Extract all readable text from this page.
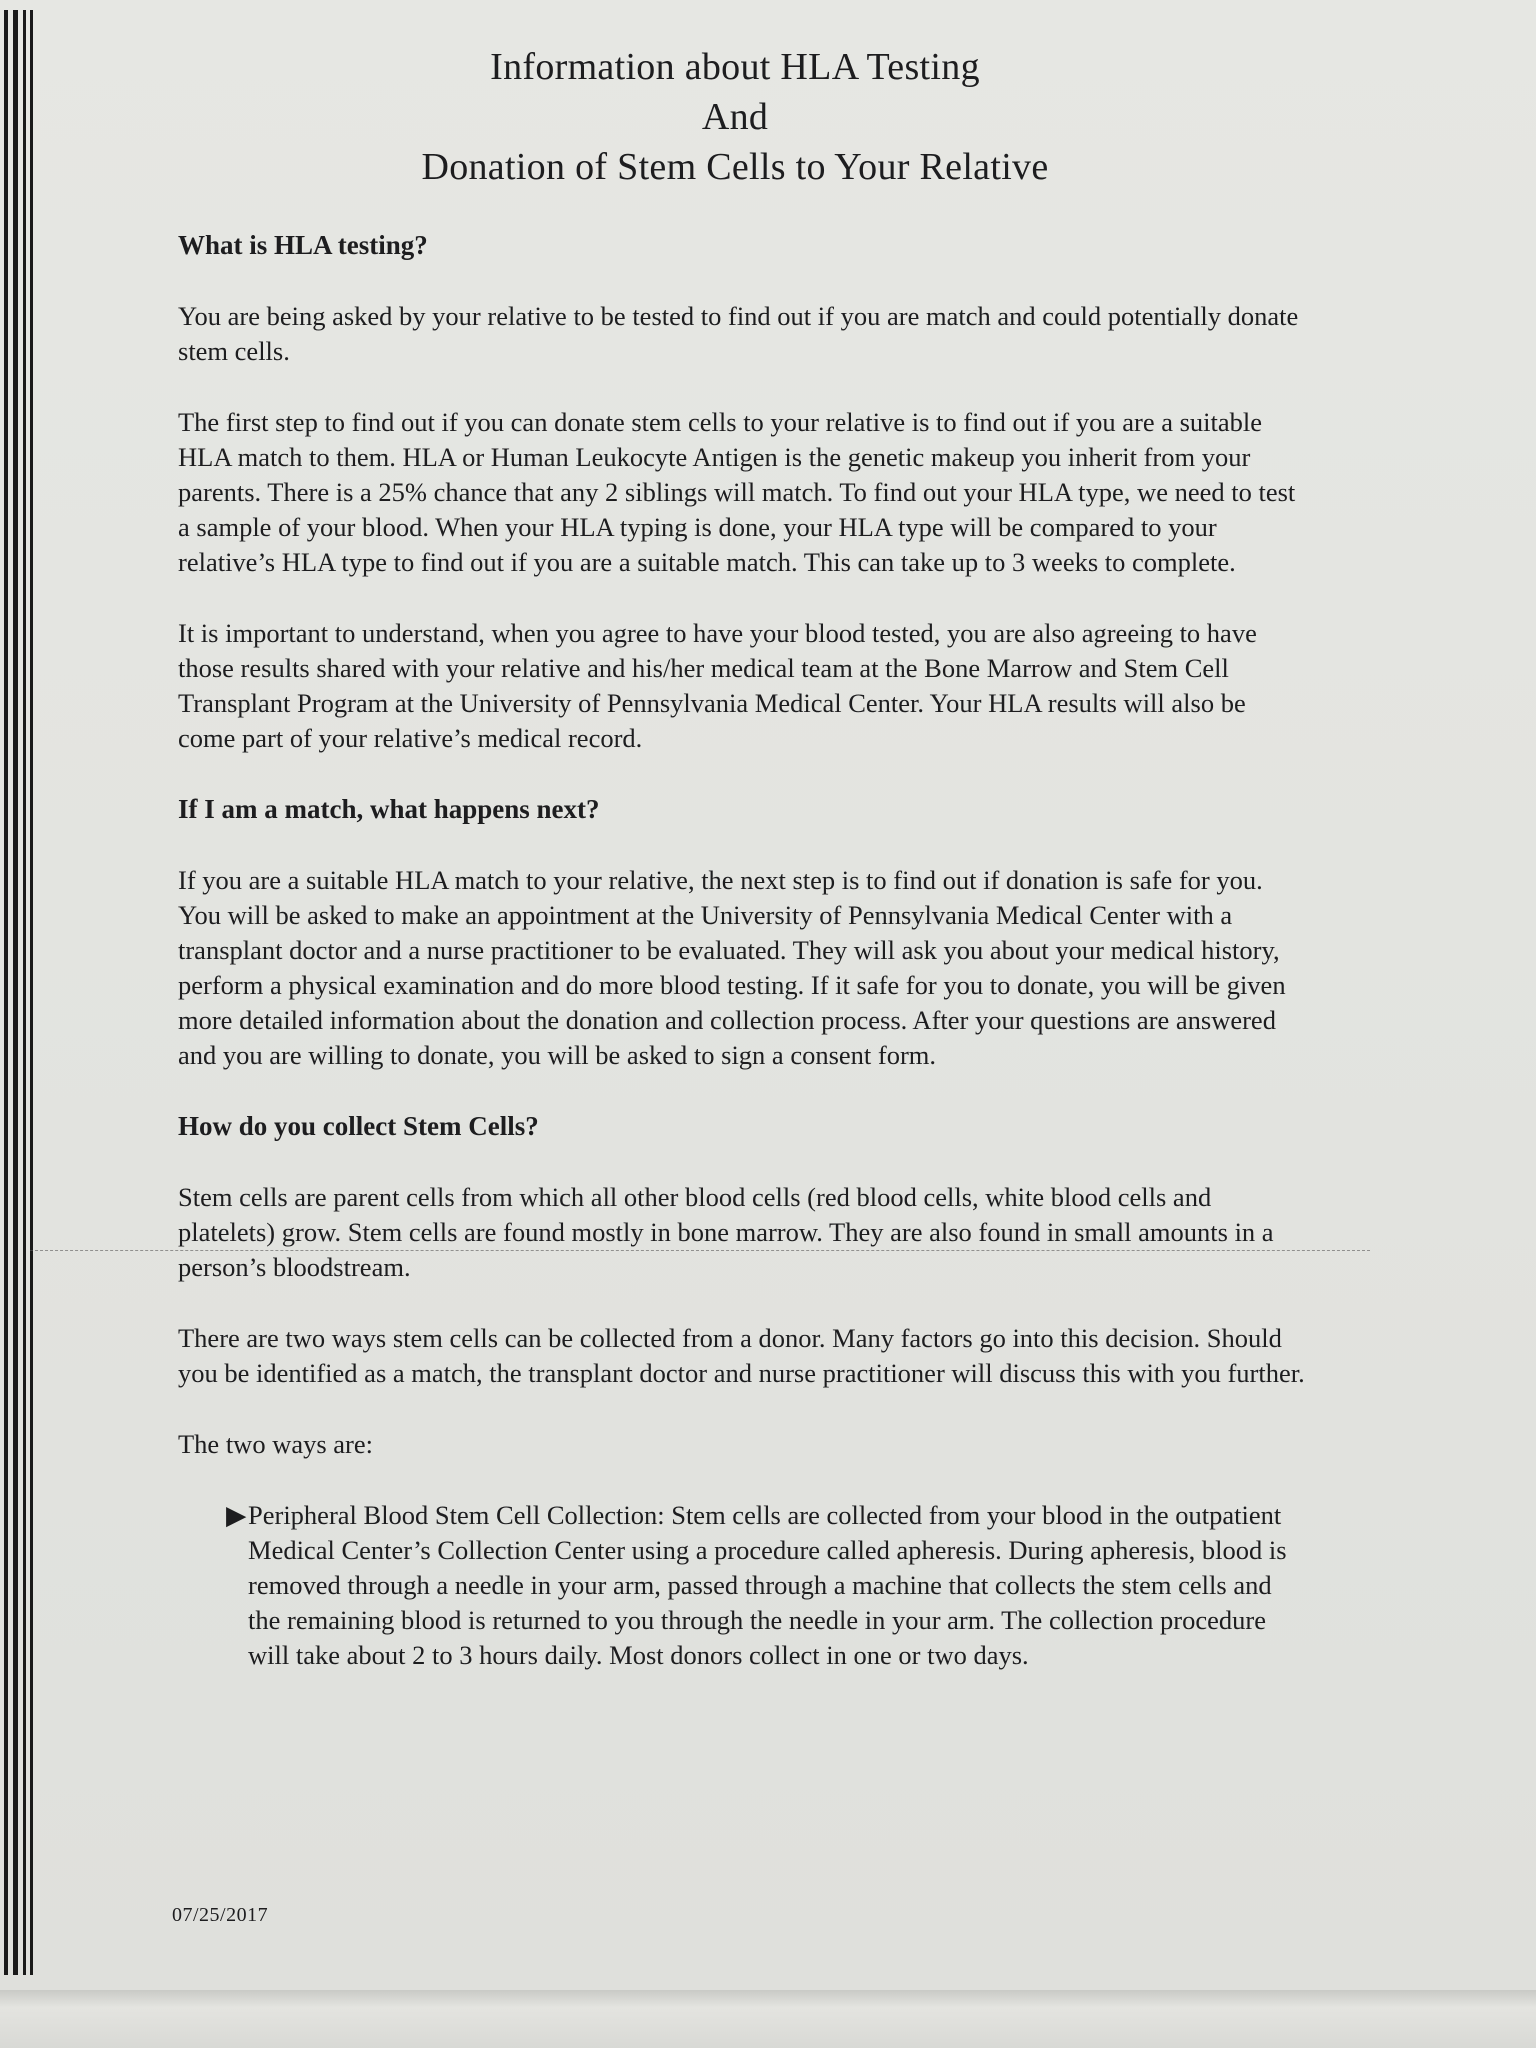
Information about HLA Testing
And
Donation of Stem Cells to Your Relative
What is HLA testing?

You are being asked by your relative to be tested to find out if you are match and could potentially donate stem cells.

The first step to find out if you can donate stem cells to your relative is to find out if you are a suitable HLA match to them. HLA or Human Leukocyte Antigen is the genetic makeup you inherit from your parents. There is a 25% chance that any 2 siblings will match. To find out your HLA type, we need to test a sample of your blood. When your HLA typing is done, your HLA type will be compared to your relative’s HLA type to find out if you are a suitable match. This can take up to 3 weeks to complete.

It is important to understand, when you agree to have your blood tested, you are also agreeing to have those results shared with your relative and his/her medical team at the Bone Marrow and Stem Cell Transplant Program at the University of Pennsylvania Medical Center. Your HLA results will also be come part of your relative’s medical record.

If I am a match, what happens next?

If you are a suitable HLA match to your relative, the next step is to find out if donation is safe for you. You will be asked to make an appointment at the University of Pennsylvania Medical Center with a transplant doctor and a nurse practitioner to be evaluated. They will ask you about your medical history, perform a physical examination and do more blood testing. If it safe for you to donate, you will be given more detailed information about the donation and collection process. After your questions are answered and you are willing to donate, you will be asked to sign a consent form.

How do you collect Stem Cells?

Stem cells are parent cells from which all other blood cells (red blood cells, white blood cells and platelets) grow. Stem cells are found mostly in bone marrow. They are also found in small amounts in a person’s bloodstream.

There are two ways stem cells can be collected from a donor. Many factors go into this decision. Should you be identified as a match, the transplant doctor and nurse practitioner will discuss this with you further.

The two ways are:

▶ Peripheral Blood Stem Cell Collection: Stem cells are collected from your blood in the outpatient Medical Center’s Collection Center using a procedure called apheresis. During apheresis, blood is removed through a needle in your arm, passed through a machine that collects the stem cells and the remaining blood is returned to you through the needle in your arm. The collection procedure will take about 2 to 3 hours daily. Most donors collect in one or two days.
07/25/2017
